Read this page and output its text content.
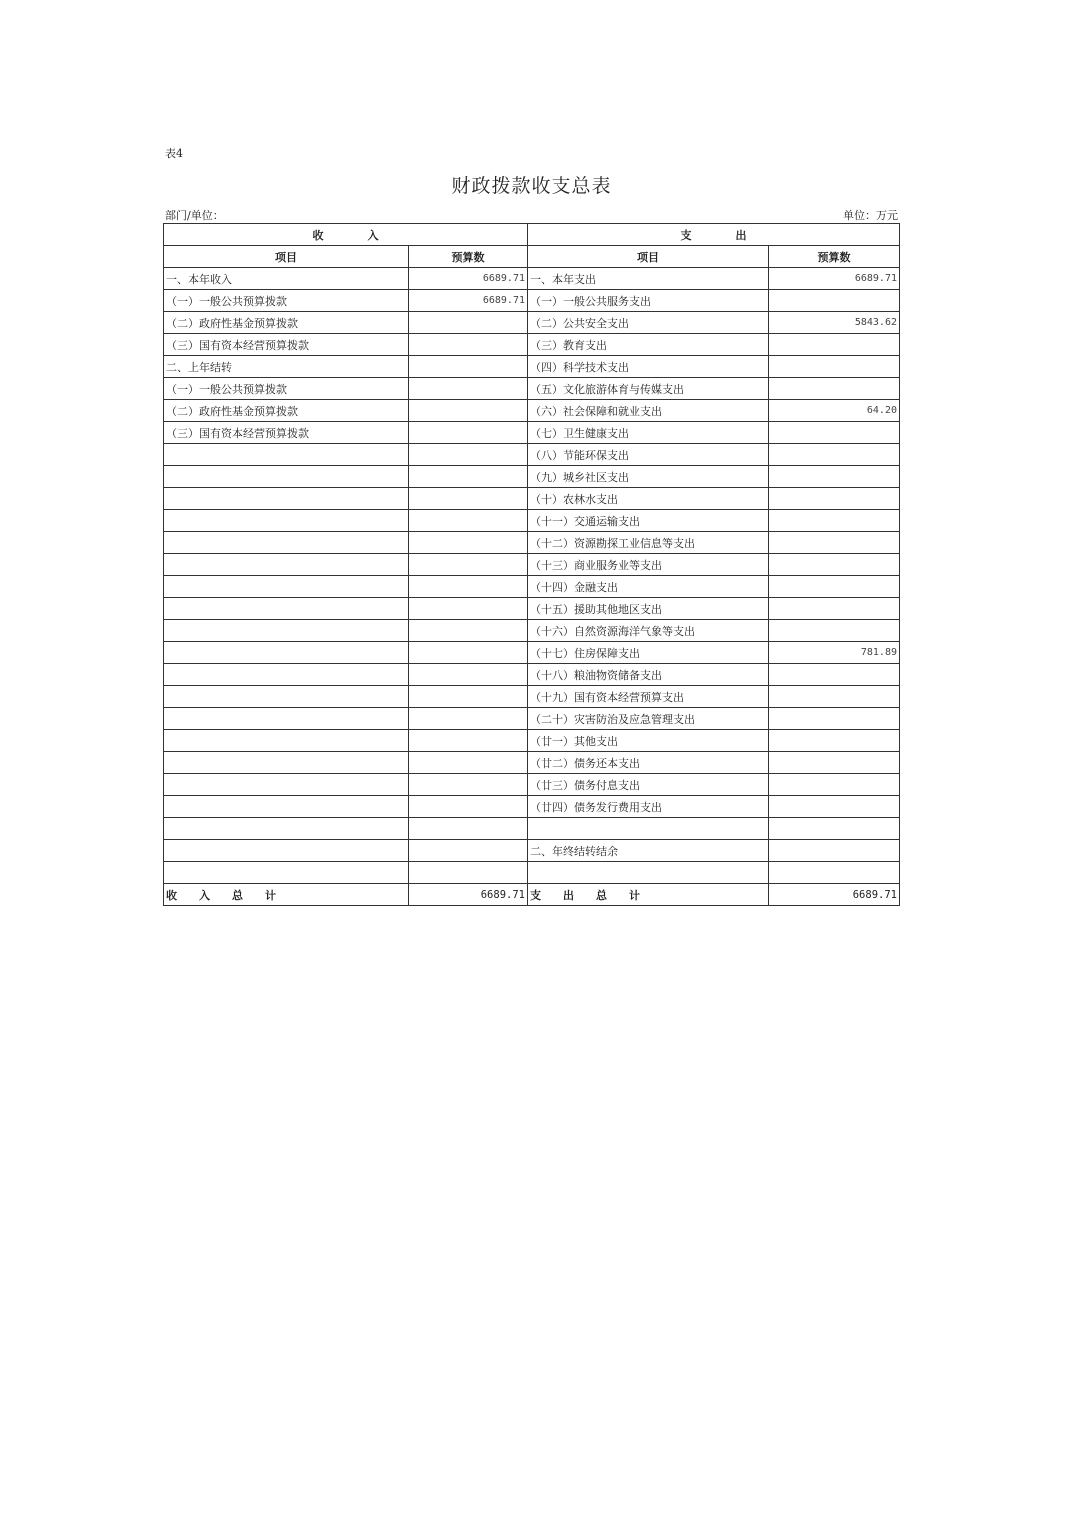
表4
财政拨款收支总表
部门/单位：	单位：万元
收　　　　入		支　　　　出	
项目	预算数	项目	预算数
一、本年收入	6689.71	一、本年支出	6689.71
（一）一般公共预算拨款	6689.71	（一）一般公共服务支出	
（二）政府性基金预算拨款		（二）公共安全支出	5843.62
（三）国有资本经营预算拨款		（三）教育支出	
二、上年结转		（四）科学技术支出	
（一）一般公共预算拨款		（五）文化旅游体育与传媒支出	
（二）政府性基金预算拨款		（六）社会保障和就业支出	64.20
（三）国有资本经营预算拨款		（七）卫生健康支出	
		（八）节能环保支出	
		（九）城乡社区支出	
		（十）农林水支出	
		（十一）交通运输支出	
		（十二）资源勘探工业信息等支出	
		（十三）商业服务业等支出	
		（十四）金融支出	
		（十五）援助其他地区支出	
		（十六）自然资源海洋气象等支出	
		（十七）住房保障支出	781.89
		（十八）粮油物资储备支出	
		（十九）国有资本经营预算支出	
		（二十）灾害防治及应急管理支出	
		（廿一）其他支出	
		（廿二）债务还本支出	
		（廿三）债务付息支出	
		（廿四）债务发行费用支出	

		二、年终结转结余	

收　　入　　总　　计	6689.71	支　　出　　总　　计	6689.71
